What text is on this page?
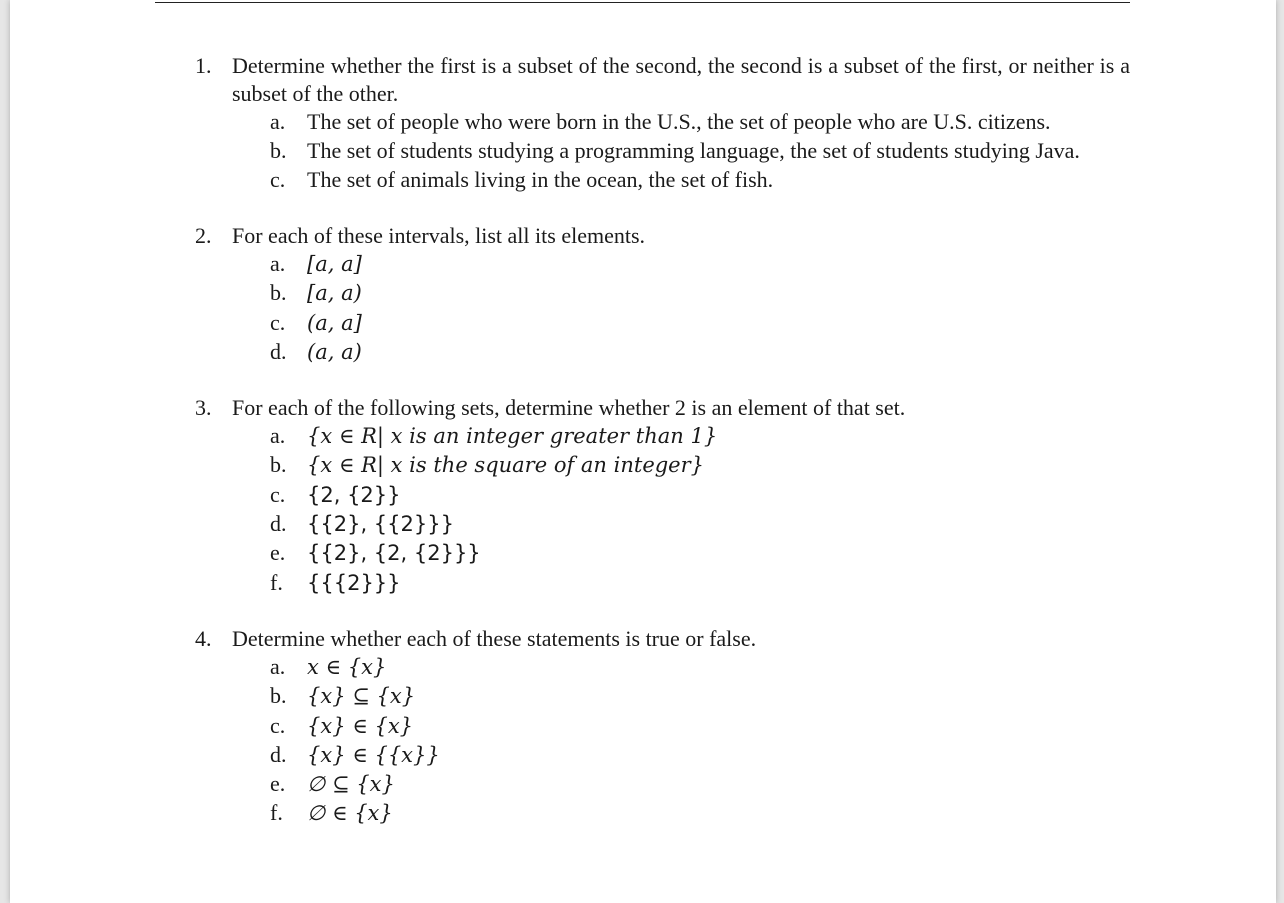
1. Determine whether the first is a subset of the second, the second is a subset of the first, or neither is a subset of the other.

a. The set of people who were born in the U.S., the set of people who are U.S. citizens.
b. The set of students studying a programming language, the set of students studying Java.
c. The set of animals living in the ocean, the set of fish.
2. For each of these intervals, list all its elements.

a. [a, a]
b. [a, a)
c. (a, a]
d. (a, a)
3. For each of the following sets, determine whether 2 is an element of that set.

a. {x ∈ R| x is an integer greater than 1}
b. {x ∈ R| x is the square of an integer}
c. {2, {2}}
d. {{2}, {{2}}}
e. {{2}, {2, {2}}}
f. {{{2}}}
4. Determine whether each of these statements is true or false.

a. x ∈ {x}
b. {x} ⊆ {x}
c. {x} ∈ {x}
d. {x} ∈ {{x}}
e. ∅ ⊆ {x}
f. ∅ ∈ {x}
